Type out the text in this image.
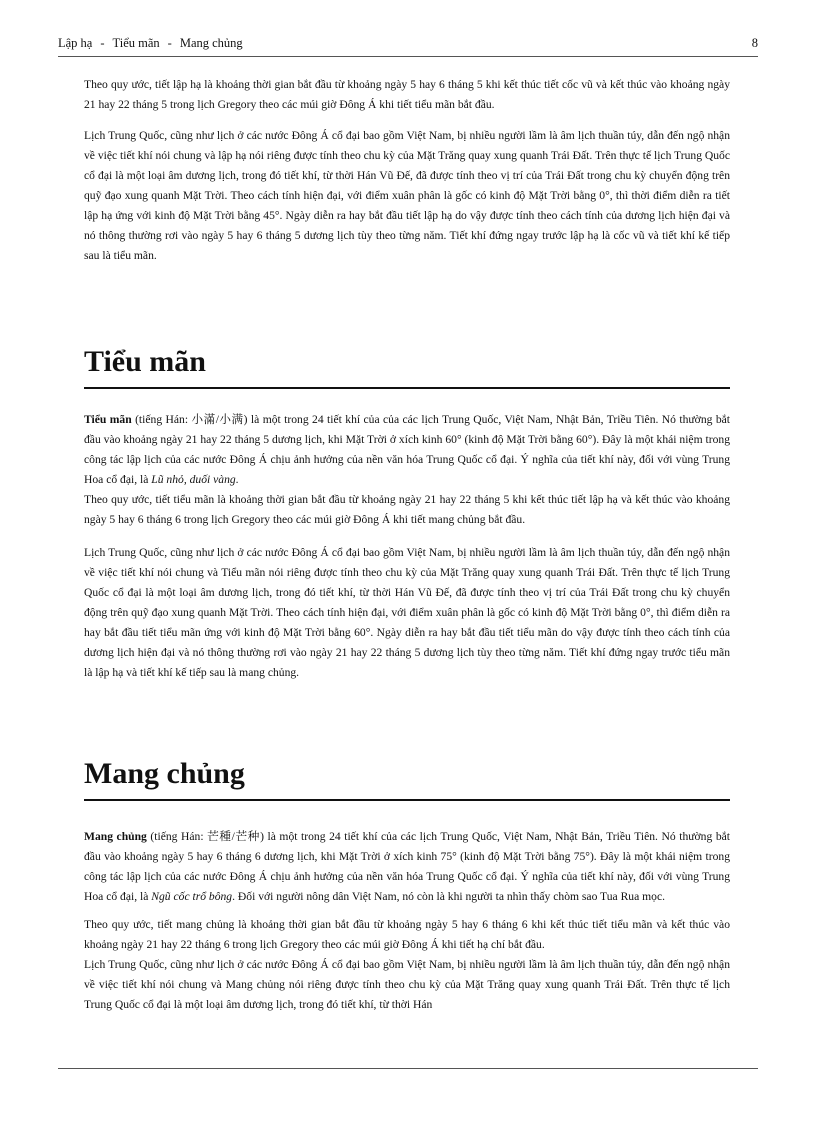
Lập hạ - Tiểu mãn - Mang chủng	8

Theo quy ước, tiết lập hạ là khoảng thời gian bắt đầu từ khoảng ngày 5 hay 6 tháng 5 khi kết thúc tiết cốc vũ và kết thúc vào khoảng ngày 21 hay 22 tháng 5 trong lịch Gregory theo các múi giờ Đông Á khi tiết tiểu mãn bắt đầu.

Lịch Trung Quốc, cũng như lịch ở các nước Đông Á cổ đại bao gồm Việt Nam, bị nhiều người lầm là âm lịch thuần túy, dẫn đến ngộ nhận về việc tiết khí nói chung và lập hạ nói riêng được tính theo chu kỳ của Mặt Trăng quay xung quanh Trái Đất. Trên thực tế lịch Trung Quốc cổ đại là một loại âm dương lịch, trong đó tiết khí, từ thời Hán Vũ Đế, đã được tính theo vị trí của Trái Đất trong chu kỳ chuyển động trên quỹ đạo xung quanh Mặt Trời. Theo cách tính hiện đại, với điểm xuân phân là gốc có kinh độ Mặt Trời bằng 0°, thì thời điểm diễn ra tiết lập hạ ứng với kinh độ Mặt Trời bằng 45°. Ngày diễn ra hay bắt đầu tiết lập hạ do vậy được tính theo cách tính của dương lịch hiện đại và nó thông thường rơi vào ngày 5 hay 6 tháng 5 dương lịch tùy theo từng năm. Tiết khí đứng ngay trước lập hạ là cốc vũ và tiết khí kế tiếp sau là tiểu mãn.

Tiểu mãn

Tiểu mãn (tiếng Hán: 小滿/小满) là một trong 24 tiết khí của của các lịch Trung Quốc, Việt Nam, Nhật Bản, Triều Tiên. Nó thường bắt đầu vào khoảng ngày 21 hay 22 tháng 5 dương lịch, khi Mặt Trời ở xích kinh 60° (kinh độ Mặt Trời bằng 60°). Đây là một khái niệm trong công tác lập lịch của các nước Đông Á chịu ảnh hưởng của nền văn hóa Trung Quốc cổ đại. Ý nghĩa của tiết khí này, đối với vùng Trung Hoa cổ đại, là Lũ nhỏ, duối vàng.

Theo quy ước, tiết tiểu mãn là khoảng thời gian bắt đầu từ khoảng ngày 21 hay 22 tháng 5 khi kết thúc tiết lập hạ và kết thúc vào khoảng ngày 5 hay 6 tháng 6 trong lịch Gregory theo các múi giờ Đông Á khi tiết mang chủng bắt đầu.

Lịch Trung Quốc, cũng như lịch ở các nước Đông Á cổ đại bao gồm Việt Nam, bị nhiều người lầm là âm lịch thuần túy, dẫn đến ngộ nhận về việc tiết khí nói chung và Tiểu mãn nói riêng được tính theo chu kỳ của Mặt Trăng quay xung quanh Trái Đất. Trên thực tế lịch Trung Quốc cổ đại là một loại âm dương lịch, trong đó tiết khí, từ thời Hán Vũ Đế, đã được tính theo vị trí của Trái Đất trong chu kỳ chuyển động trên quỹ đạo xung quanh Mặt Trời. Theo cách tính hiện đại, với điểm xuân phân là gốc có kinh độ Mặt Trời bằng 0°, thì điểm diễn ra hay bắt đầu tiết tiểu mãn ứng với kinh độ Mặt Trời bằng 60°. Ngày diễn ra hay bắt đầu tiết tiểu mãn do vậy được tính theo cách tính của dương lịch hiện đại và nó thông thường rơi vào ngày 21 hay 22 tháng 5 dương lịch tùy theo từng năm. Tiết khí đứng ngay trước tiểu mãn là lập hạ và tiết khí kế tiếp sau là mang chủng.

Mang chủng

Mang chủng (tiếng Hán: 芒種/芒种) là một trong 24 tiết khí của các lịch Trung Quốc, Việt Nam, Nhật Bản, Triều Tiên. Nó thường bắt đầu vào khoảng ngày 5 hay 6 tháng 6 dương lịch, khi Mặt Trời ở xích kinh 75° (kinh độ Mặt Trời bằng 75°). Đây là một khái niệm trong công tác lập lịch của các nước Đông Á chịu ảnh hưởng của nền văn hóa Trung Quốc cổ đại. Ý nghĩa của tiết khí này, đối với vùng Trung Hoa cổ đại, là Ngũ cốc trổ bông. Đối với người nông dân Việt Nam, nó còn là khi người ta nhìn thấy chòm sao Tua Rua mọc.

Theo quy ước, tiết mang chủng là khoảng thời gian bắt đầu từ khoảng ngày 5 hay 6 tháng 6 khi kết thúc tiết tiểu mãn và kết thúc vào khoảng ngày 21 hay 22 tháng 6 trong lịch Gregory theo các múi giờ Đông Á khi tiết hạ chí bắt đầu.

Lịch Trung Quốc, cũng như lịch ở các nước Đông Á cổ đại bao gồm Việt Nam, bị nhiều người lầm là âm lịch thuần túy, dẫn đến ngộ nhận về việc tiết khí nói chung và Mang chủng nói riêng được tính theo chu kỳ của Mặt Trăng quay xung quanh Trái Đất. Trên thực tế lịch Trung Quốc cổ đại là một loại âm dương lịch, trong đó tiết khí, từ thời Hán
